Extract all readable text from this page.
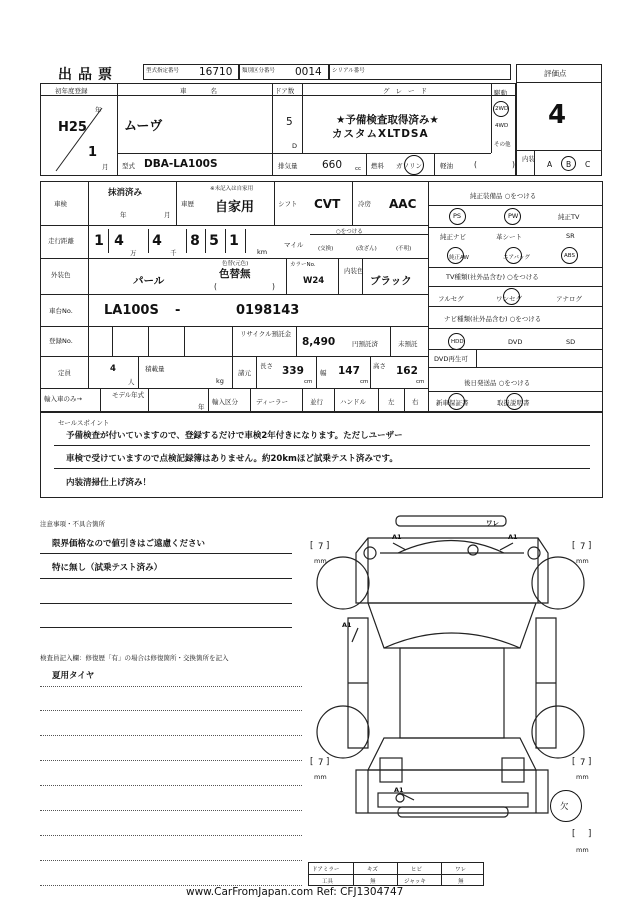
出品票	型式指定番号 16710 類別区分番号 0014 シリアル番号	評価点
4
内装
A B C
初年度登録
年
H25
1
月
車名
ムーヴ
ドア数
5
D
グレード
★予備検査取得済み★
カスタムXLTDSA
駆動
2WD
4WD
その他
型式 DBA-LA100S	排気量 660 cc 燃料 ガソリン	軽油	(	)
車検
抹消済み
年	月
車歴
※未記入は自家用
自家用	シフト CVT	冷房 AAC
走行距離 1 4
万
4
千
8 5 1
km
マイル
○をつける
(交換)	(改ざん)	(不明)
外装色	パール
色替(元色)
色替無
(	)
カラーNo.
W24
内装色
ブラック
車台No. LA100S -	0198143
登録No.
リサイクル預託金
8,490	円預託済	未預託
定員	4
人
積載量
kg
諸元
長さ 339
cm
幅 147
cm
高さ 162
cm
輸入車のみ→	モデル年式
年
輸入区分	ディーラー	並行	ハンドル	左	右
純正装備品 ○をつける
PS	PW	純正TV
純正ナビ	革シート	SR
純正AW	エアバッグ	ABS
TV種類(社外品含む) ○をつける
フルセグ	ワンセグ	アナログ
ナビ種類(社外品含む) ○をつける
HDD	DVD	SD
DVD再生可
後日発送品 ○をつける
新車保証書	取扱説明書
セールスポイント
予備検査が付いていますので、登録するだけで車検2年付きになります。ただしユーザー
車検で受けていますので点検記録簿はありません。約20kmほど試乗テスト済みです。
内装清掃仕上げ済み！
注意事項・不具合箇所
限界価格なので値引きはご遠慮ください
特に無し（試乗テスト済み）
検査員記入欄：修復歴「有」の場合は修復箇所・交換箇所を記入
夏用タイヤ
ワレ
A1	A1
A1
A1
[ 7 ]
mm
[ 7 ]
mm
[ 7 ]
mm
[ 7 ]
mm
欠
[ ]
mm
ドアミラー	キズ	ヒビ	ワレ
工具	無	ジャッキ	無
www.CarFromJapan.com Ref: CFJ1304747
